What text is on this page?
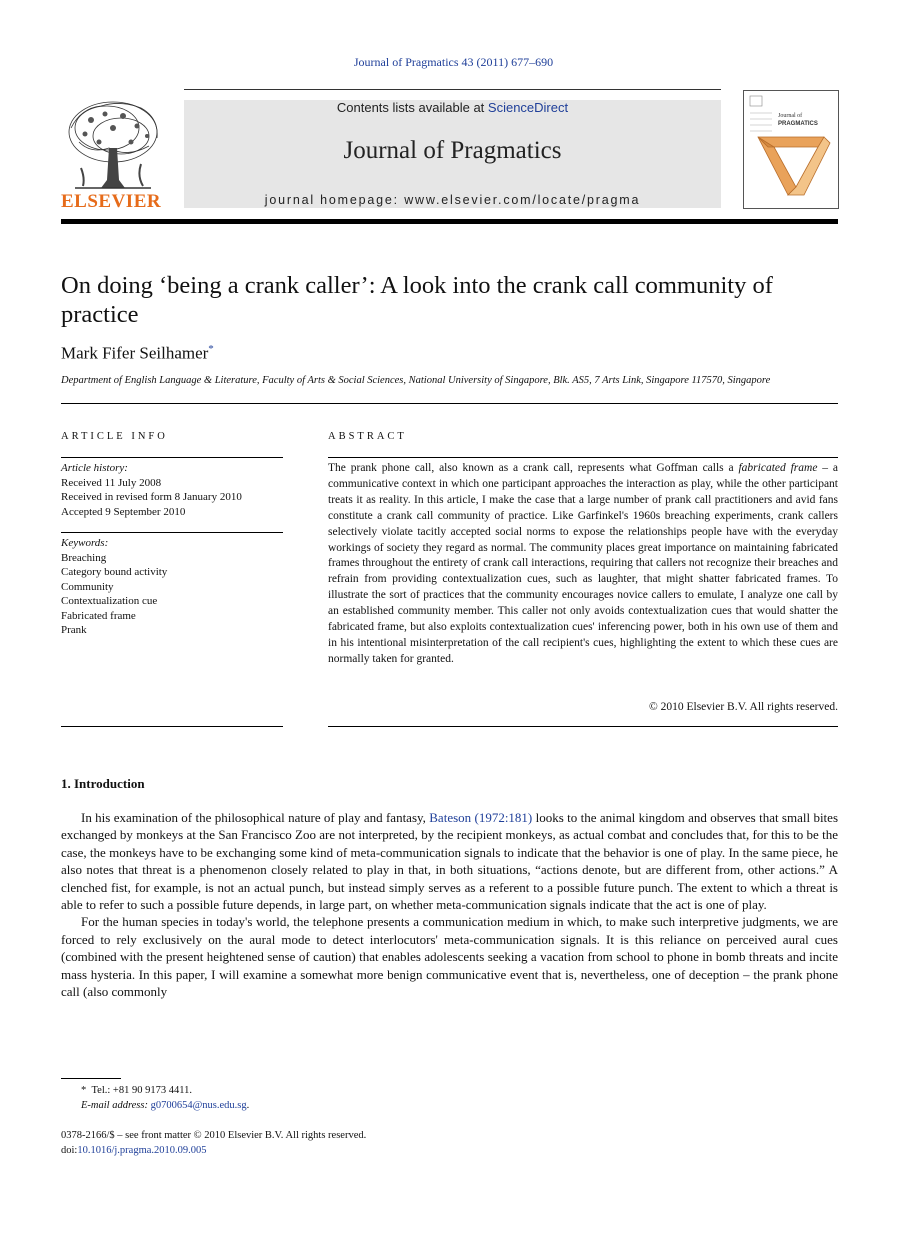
Journal of Pragmatics 43 (2011) 677–690
ELSEVIER
Contents lists available at ScienceDirect
Journal of Pragmatics
journal homepage: www.elsevier.com/locate/pragma
Journal of
PRAGMATICS
On doing ‘being a crank caller’: A look into the crank call community of practice
Mark Fifer Seilhamer*
Department of English Language & Literature, Faculty of Arts & Social Sciences, National University of Singapore, Blk. AS5, 7 Arts Link, Singapore 117570, Singapore
ARTICLE INFO
Article history:
Received 11 July 2008
Received in revised form 8 January 2010
Accepted 9 September 2010
Keywords:
Breaching
Category bound activity
Community
Contextualization cue
Fabricated frame
Prank
ABSTRACT
The prank phone call, also known as a crank call, represents what Goffman calls a fabricated frame – a communicative context in which one participant approaches the interaction as play, while the other participant treats it as reality. In this article, I make the case that a large number of prank call practitioners and avid fans constitute a crank call community of practice. Like Garfinkel's 1960s breaching experiments, crank callers selectively violate tacitly accepted social norms to expose the relationships people have with the everyday workings of society they regard as normal. The community places great importance on maintaining fabricated frames throughout the entirety of crank call interactions, requiring that callers not recognize their breaches and refrain from providing contextualization cues, such as laughter, that might shatter fabricated frames. To illustrate the sort of practices that the community encourages novice callers to emulate, I analyze one call by an established community member. This caller not only avoids contextualization cues that would shatter the fabricated frame, but also exploits contextualization cues' inferencing power, both in his own use of them and in his intentional misinterpretation of the call recipient's cues, highlighting the extent to which these cues are normally taken for granted.
© 2010 Elsevier B.V. All rights reserved.
1. Introduction

In his examination of the philosophical nature of play and fantasy, Bateson (1972:181) looks to the animal kingdom and observes that small bites exchanged by monkeys at the San Francisco Zoo are not interpreted, by the recipient monkeys, as actual combat and concludes that, for this to be the case, the monkeys have to be exchanging some kind of meta-communication signals to indicate that the behavior is one of play. In the same piece, he also notes that threat is a phenomenon closely related to play in that, in both situations, “actions denote, but are different from, other actions.” A clenched fist, for example, is not an actual punch, but instead simply serves as a referent to a possible future punch. The extent to which a threat is able to refer to such a possible future depends, in large part, on whether meta-communication signals indicate that the act is one of play.

For the human species in today's world, the telephone presents a communication medium in which, to make such interpretive judgments, we are forced to rely exclusively on the aural mode to detect interlocutors' meta-communication signals. It is this reliance on perceived aural cues (combined with the present heightened sense of caution) that enables adolescents seeking a vacation from school to phone in bomb threats and incite mass hysteria. In this paper, I will examine a somewhat more benign communicative event that is, nevertheless, one of deception – the prank phone call (also commonly

* Tel.: +81 90 9173 4411.
E-mail address: g0700654@nus.edu.sg.
0378-2166/$ – see front matter © 2010 Elsevier B.V. All rights reserved.
doi:10.1016/j.pragma.2010.09.005
